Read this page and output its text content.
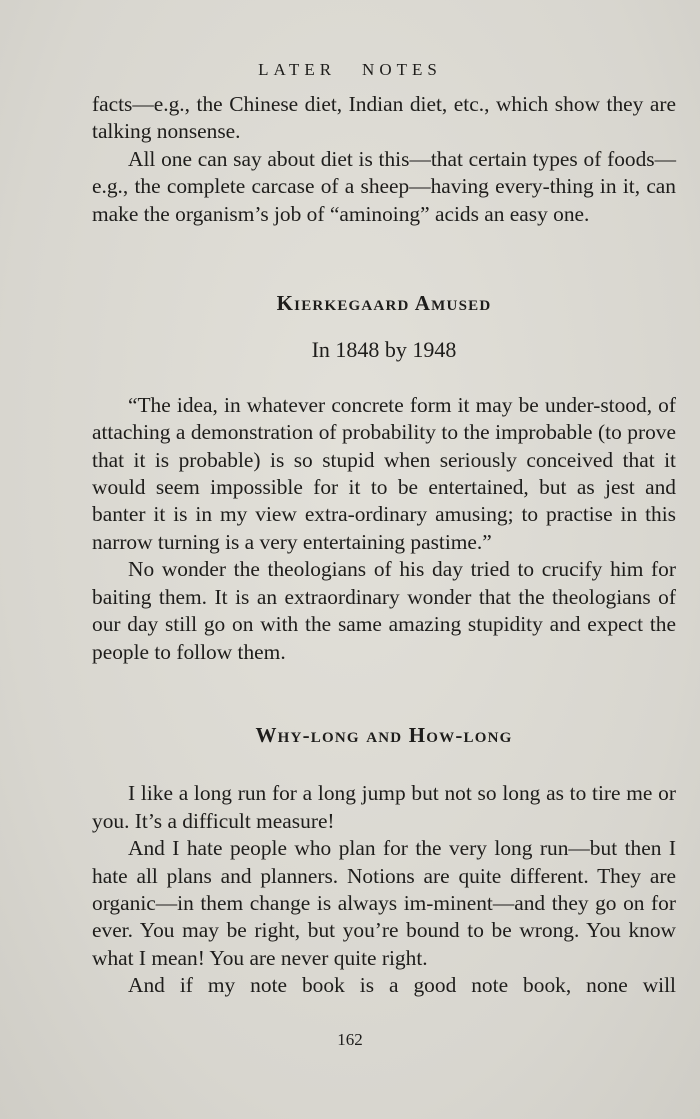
LATER NOTES

facts—e.g., the Chinese diet, Indian diet, etc., which show they are talking nonsense.

All one can say about diet is this—that certain types of foods—e.g., the complete carcase of a sheep—having every-thing in it, can make the organism’s job of “aminoing” acids an easy one.

Kierkegaard Amused
In 1848 by 1948

“The idea, in whatever concrete form it may be under-stood, of attaching a demonstration of probability to the improbable (to prove that it is probable) is so stupid when seriously conceived that it would seem impossible for it to be entertained, but as jest and banter it is in my view extra-ordinary amusing; to practise in this narrow turning is a very entertaining pastime.”

No wonder the theologians of his day tried to crucify him for baiting them. It is an extraordinary wonder that the theologians of our day still go on with the same amazing stupidity and expect the people to follow them.

Why-long and How-long

I like a long run for a long jump but not so long as to tire me or you. It’s a difficult measure!

And I hate people who plan for the very long run—but then I hate all plans and planners. Notions are quite different. They are organic—in them change is always im-minent—and they go on for ever. You may be right, but you’re bound to be wrong. You know what I mean! You are never quite right.

And if my note book is a good note book, none will

162
